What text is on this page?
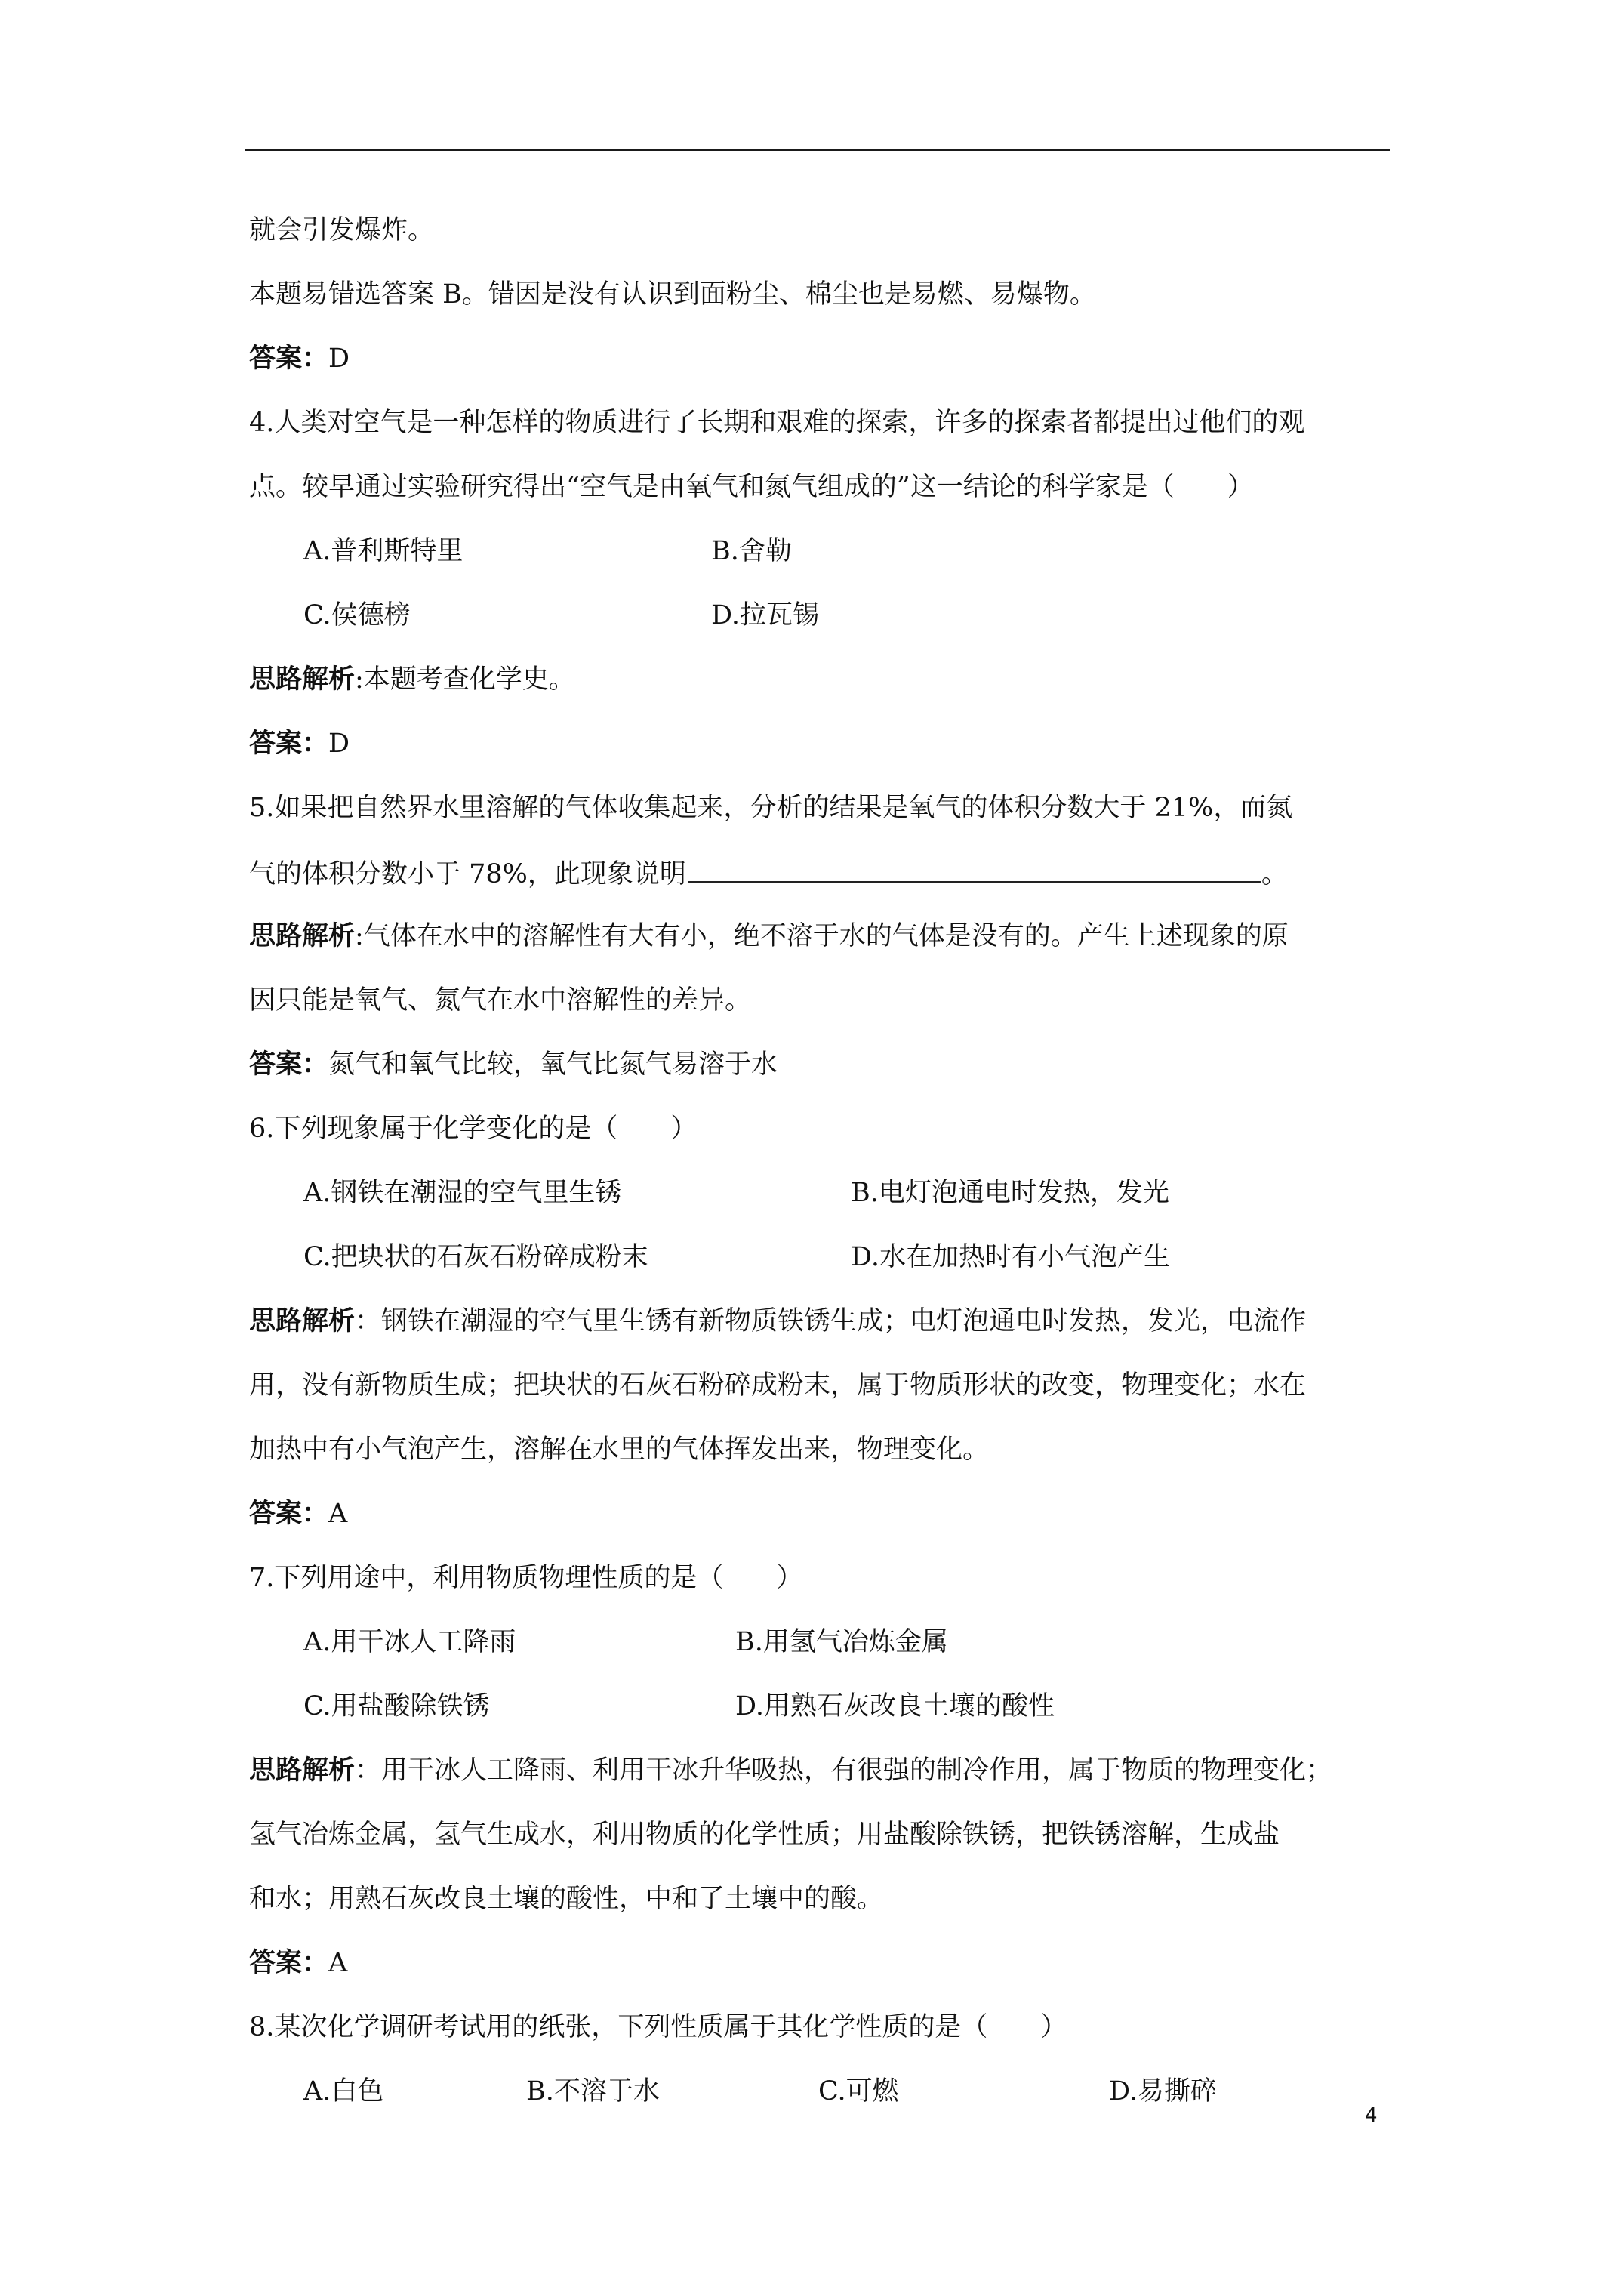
就会引发爆炸。
本题易错选答案 B。错因是没有认识到面粉尘、棉尘也是易燃、易爆物。
答案：D
4.人类对空气是一种怎样的物质进行了长期和艰难的探索，许多的探索者都提出过他们的观
点。较早通过实验研究得出“空气是由氧气和氮气组成的”这一结论的科学家是（　　）
A.普利斯特里	B.舍勒
C.侯德榜	D.拉瓦锡
思路解析:本题考查化学史。
答案：D
5.如果把自然界水里溶解的气体收集起来，分析的结果是氧气的体积分数大于 21%，而氮
气的体积分数小于 78%，此现象说明	。
思路解析:气体在水中的溶解性有大有小，绝不溶于水的气体是没有的。产生上述现象的原
因只能是氧气、氮气在水中溶解性的差异。
答案：氮气和氧气比较，氧气比氮气易溶于水
6.下列现象属于化学变化的是（　　）
A.钢铁在潮湿的空气里生锈	B.电灯泡通电时发热，发光
C.把块状的石灰石粉碎成粉末	D.水在加热时有小气泡产生
思路解析：钢铁在潮湿的空气里生锈有新物质铁锈生成；电灯泡通电时发热，发光，电流作
用，没有新物质生成；把块状的石灰石粉碎成粉末，属于物质形状的改变，物理变化；水在
加热中有小气泡产生，溶解在水里的气体挥发出来，物理变化。
答案：A
7.下列用途中，利用物质物理性质的是（　　）
A.用干冰人工降雨	B.用氢气冶炼金属
C.用盐酸除铁锈	D.用熟石灰改良土壤的酸性
思路解析：用干冰人工降雨、利用干冰升华吸热，有很强的制冷作用，属于物质的物理变化；
氢气冶炼金属，氢气生成水，利用物质的化学性质；用盐酸除铁锈，把铁锈溶解，生成盐
和水；用熟石灰改良土壤的酸性，中和了土壤中的酸。
答案：A
8.某次化学调研考试用的纸张，下列性质属于其化学性质的是（　　）
A.白色	B.不溶于水	C.可燃	D.易撕碎
4
